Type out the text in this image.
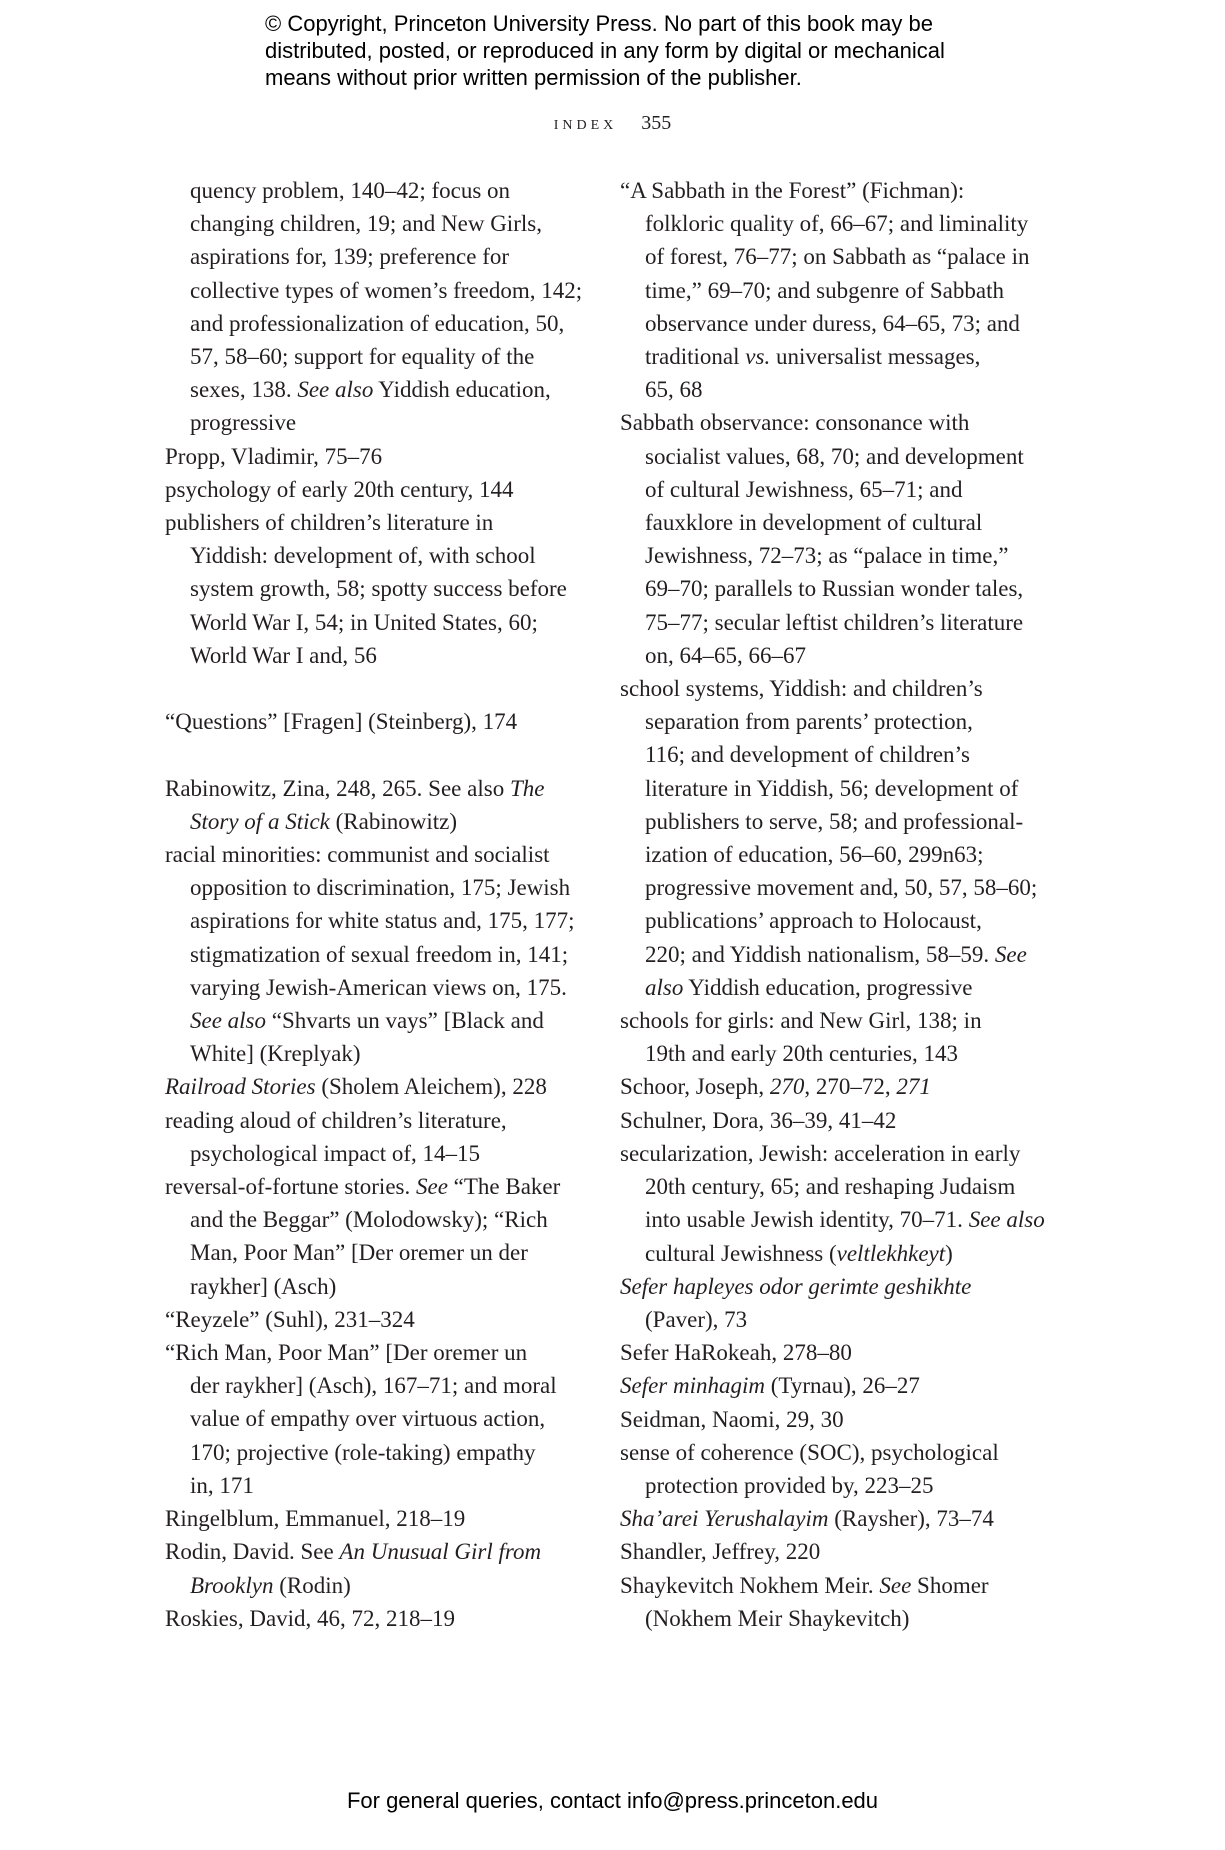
© Copyright, Princeton University Press. No part of this book may be
distributed, posted, or reproduced in any form by digital or mechanical
means without prior written permission of the publisher.
index 355
quency problem, 140–42; focus on
changing children, 19; and New Girls,
aspirations for, 139; preference for
collective types of women’s freedom, 142;
and professionalization of education, 50,
57, 58–60; support for equality of the
sexes, 138. See also Yiddish education,
progressive
Propp, Vladimir, 75–76
psychology of early 20th century, 144
publishers of children’s literature in
Yiddish: development of, with school
system growth, 58; spotty success before
World War I, 54; in United States, 60;
World War I and, 56
“Questions” [Fragen] (Steinberg), 174
Rabinowitz, Zina, 248, 265. See also The
Story of a Stick (Rabinowitz)
racial minorities: communist and socialist
opposition to discrimination, 175; Jewish
aspirations for white status and, 175, 177;
stigmatization of sexual freedom in, 141;
varying Jewish-American views on, 175.
See also “Shvarts un vays” [Black and
White] (Kreplyak)
Railroad Stories (Sholem Aleichem), 228
reading aloud of children’s literature,
psychological impact of, 14–15
reversal-of-fortune stories. See “The Baker
and the Beggar” (Molodowsky); “Rich
Man, Poor Man” [Der oremer un der
raykher] (Asch)
“Reyzele” (Suhl), 231–324
“Rich Man, Poor Man” [Der oremer un
der raykher] (Asch), 167–71; and moral
value of empathy over virtuous action,
170; projective (role-taking) empathy
in, 171
Ringelblum, Emmanuel, 218–19
Rodin, David. See An Unusual Girl from
Brooklyn (Rodin)
Roskies, David, 46, 72, 218–19
“A Sabbath in the Forest” (Fichman):
folkloric quality of, 66–67; and liminality
of forest, 76–77; on Sabbath as “palace in
time,” 69–70; and subgenre of Sabbath
observance under duress, 64–65, 73; and
traditional vs. universalist messages,
65, 68
Sabbath observance: consonance with
socialist values, 68, 70; and development
of cultural Jewishness, 65–71; and
fauxklore in development of cultural
Jewishness, 72–73; as “palace in time,”
69–70; parallels to Russian wonder tales,
75–77; secular leftist children’s literature
on, 64–65, 66–67
school systems, Yiddish: and children’s
separation from parents’ protection,
116; and development of children’s
literature in Yiddish, 56; development of
publishers to serve, 58; and professional-
ization of education, 56–60, 299n63;
progressive movement and, 50, 57, 58–60;
publications’ approach to Holocaust,
220; and Yiddish nationalism, 58–59. See
also Yiddish education, progressive
schools for girls: and New Girl, 138; in
19th and early 20th centuries, 143
Schoor, Joseph, 270, 270–72, 271
Schulner, Dora, 36–39, 41–42
secularization, Jewish: acceleration in early
20th century, 65; and reshaping Judaism
into usable Jewish identity, 70–71. See also
cultural Jewishness (veltlekhkeyt)
Sefer hapleyes odor gerimte geshikhte
(Paver), 73
Sefer HaRokeah, 278–80
Sefer minhagim (Tyrnau), 26–27
Seidman, Naomi, 29, 30
sense of coherence (SOC), psychological
protection provided by, 223–25
Sha’arei Yerushalayim (Raysher), 73–74
Shandler, Jeffrey, 220
Shaykevitch Nokhem Meir. See Shomer
(Nokhem Meir Shaykevitch)
For general queries, contact info@press.princeton.edu
